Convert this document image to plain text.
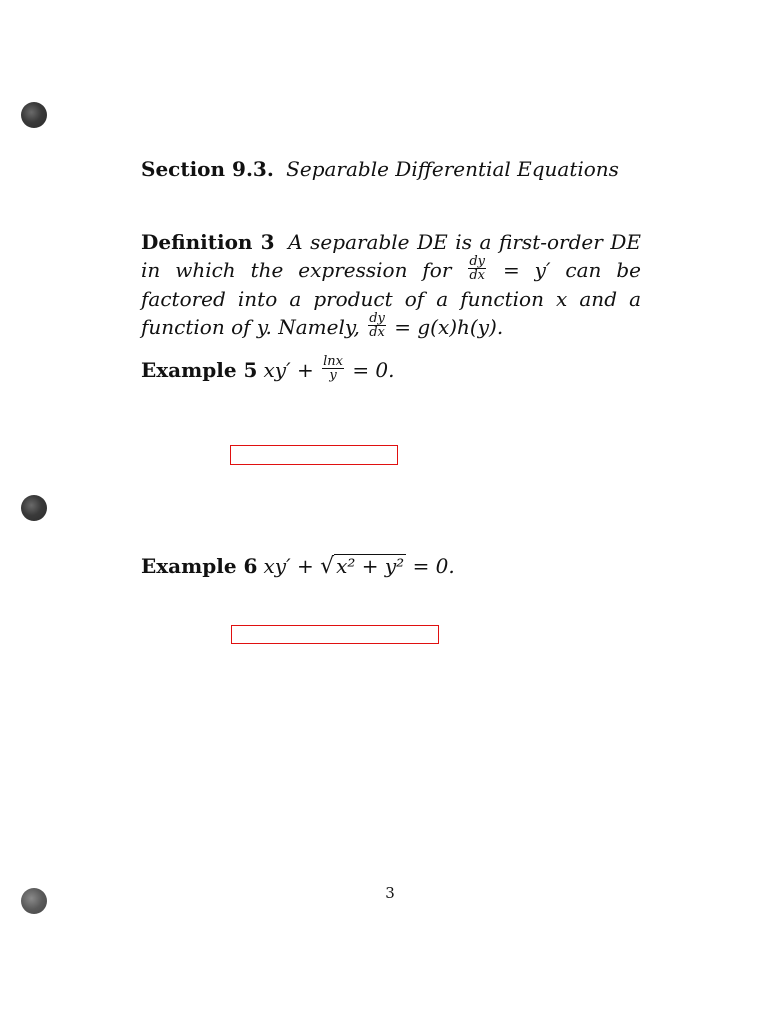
Section 9.3. Separable Differential Equations
Definition 3 A separable DE is a first-order DE in which the expression for $\frac{dy}{dx} = y'$ can be factored into a product of a function x and a function of y. Namely, $\frac{dy}{dx} = g(x)h(y)$.
Example 5 $xy' + \frac{\ln x}{y} = 0$.
Example 6 xy′ + √ x² + y² = 0.
3
